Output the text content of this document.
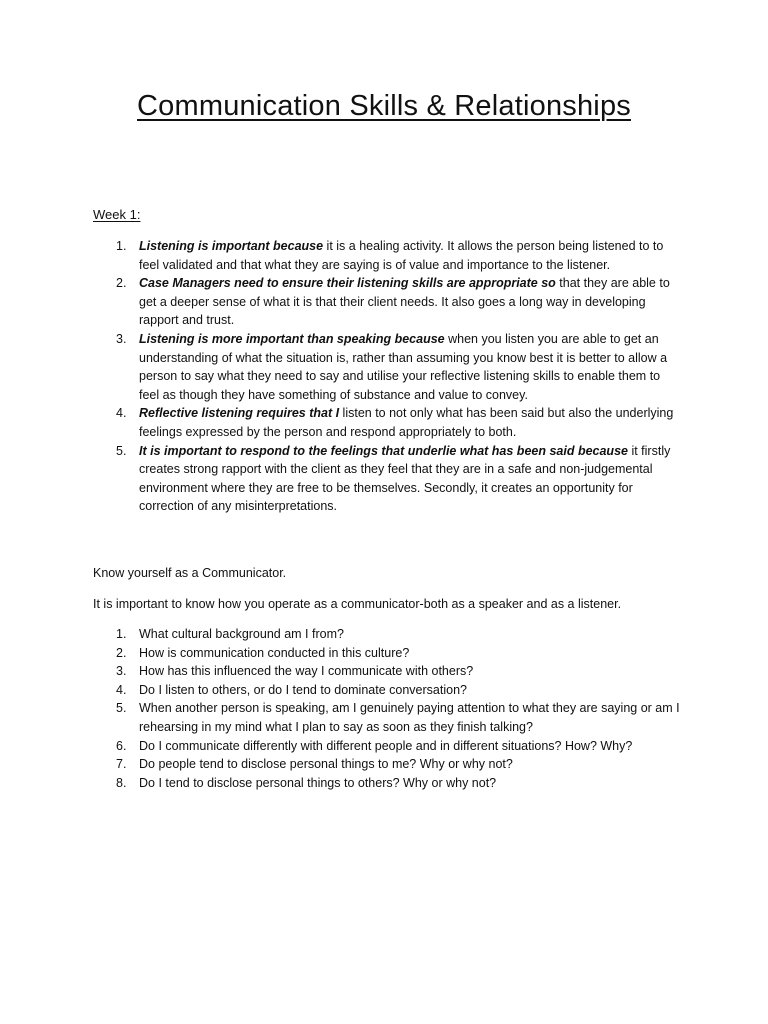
Communication Skills & Relationships

Week 1:

1. Listening is important because it is a healing activity. It allows the person being listened to to feel validated and that what they are saying is of value and importance to the listener.
2. Case Managers need to ensure their listening skills are appropriate so that they are able to get a deeper sense of what it is that their client needs. It also goes a long way in developing rapport and trust.
3. Listening is more important than speaking because when you listen you are able to get an understanding of what the situation is, rather than assuming you know best it is better to allow a person to say what they need to say and utilise your reflective listening skills to enable them to feel as though they have something of substance and value to convey.
4. Reflective listening requires that I listen to not only what has been said but also the underlying feelings expressed by the person and respond appropriately to both.
5. It is important to respond to the feelings that underlie what has been said because it firstly creates strong rapport with the client as they feel that they are in a safe and non-judgemental environment where they are free to be themselves. Secondly, it creates an opportunity for correction of any misinterpretations.

Know yourself as a Communicator.

It is important to know how you operate as a communicator-both as a speaker and as a listener.

1. What cultural background am I from?
2. How is communication conducted in this culture?
3. How has this influenced the way I communicate with others?
4. Do I listen to others, or do I tend to dominate conversation?
5. When another person is speaking, am I genuinely paying attention to what they are saying or am I rehearsing in my mind what I plan to say as soon as they finish talking?
6. Do I communicate differently with different people and in different situations? How? Why?
7. Do people tend to disclose personal things to me? Why or why not?
8. Do I tend to disclose personal things to others? Why or why not?
